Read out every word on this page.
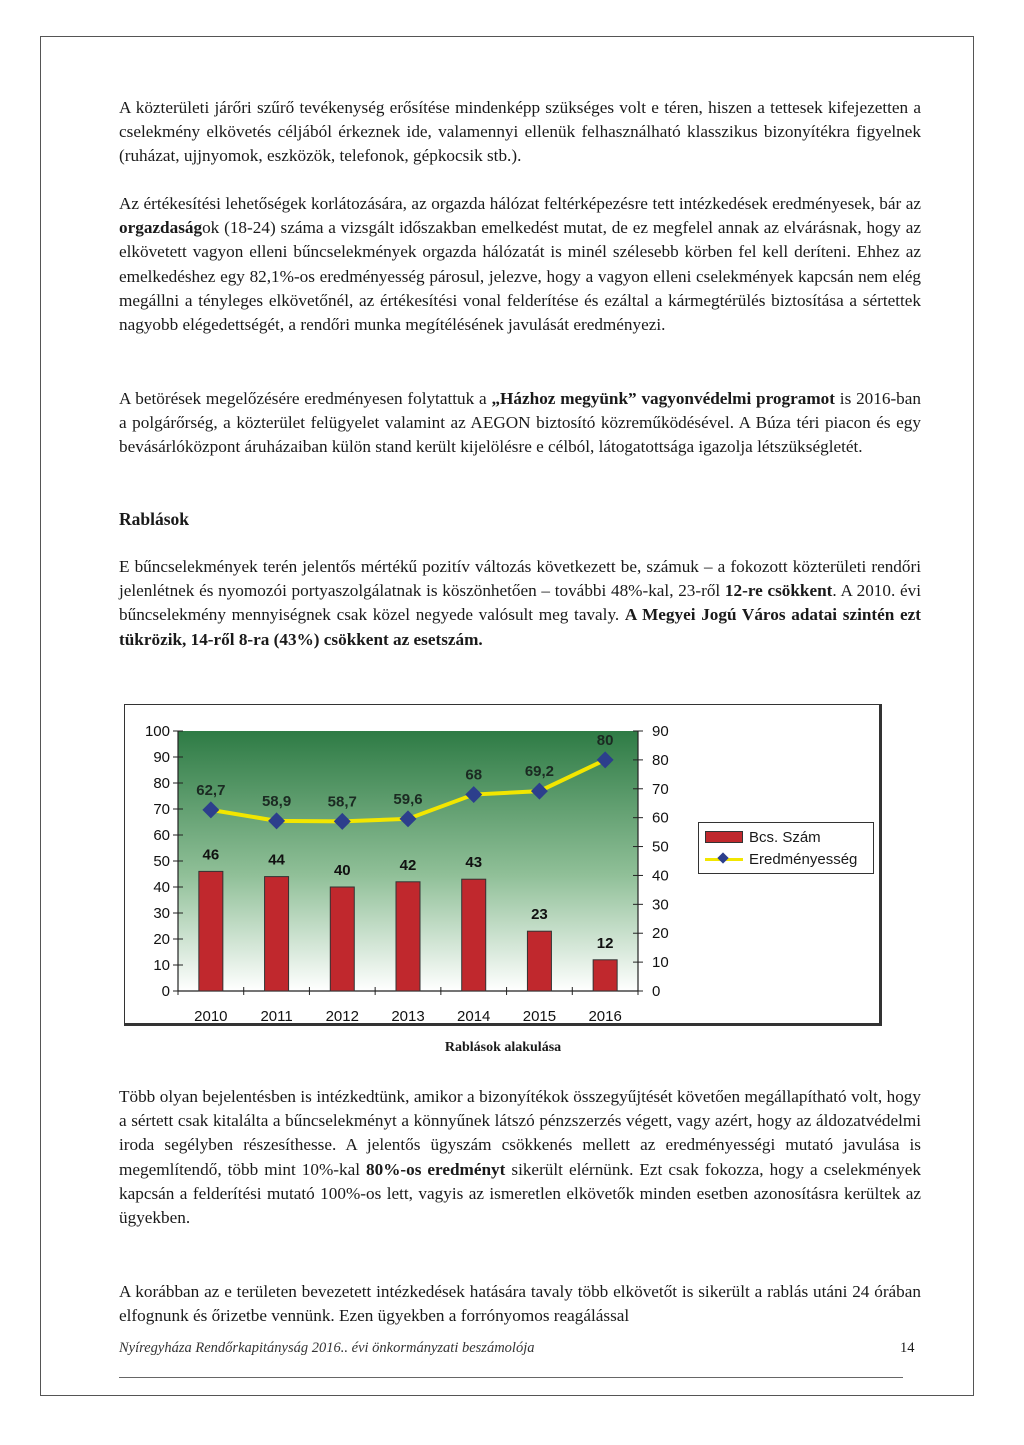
A közterületi járőri szűrő tevékenység erősítése mindenképp szükséges volt e téren, hiszen a tettesek kifejezetten a cselekmény elkövetés céljából érkeznek ide, valamennyi ellenük felhasználható klasszikus bizonyítékra figyelnek (ruházat, ujjnyomok, eszközök, telefonok, gépkocsik stb.).

Az értékesítési lehetőségek korlátozására, az orgazda hálózat feltérképezésre tett intézkedések eredményesek, bár az orgazdaságok (18-24) száma a vizsgált időszakban emelkedést mutat, de ez megfelel annak az elvárásnak, hogy az elkövetett vagyon elleni bűncselekmények orgazda hálózatát is minél szélesebb körben fel kell deríteni. Ehhez az emelkedéshez egy 82,1%-os eredményesség párosul, jelezve, hogy a vagyon elleni cselekmények kapcsán nem elég megállni a tényleges elkövetőnél, az értékesítési vonal felderítése és ezáltal a kármegtérülés biztosítása a sértettek nagyobb elégedettségét, a rendőri munka megítélésének javulását eredményezi.

A betörések megelőzésére eredményesen folytattuk a „Házhoz megyünk” vagyonvédelmi programot is 2016-ban a polgárőrség, a közterület felügyelet valamint az AEGON biztosító közreműködésével. A Búza téri piacon és egy bevásárlóközpont áruházaiban külön stand került kijelölésre e célból, látogatottsága igazolja létszükségletét.

Rablások

E bűncselekmények terén jelentős mértékű pozitív változás következett be, számuk – a fokozott közterületi rendőri jelenlétnek és nyomozói portyaszolgálatnak is köszönhetően – további 48%-kal, 23-ről 12-re csökkent. A 2010. évi bűncselekmény mennyiségnek csak közel negyede valósult meg tavaly. A Megyei Jogú Város adatai szintén ezt tükrözik, 14-ről 8-ra (43%) csökkent az esetszám.

0
10
20
30
40
50
60
70
80
90
100
0
10
20
30
40
50
60
70
80
90
2010 2011 2012 2013 2014 2015 2016
46	44
40	42	43
23
12
62,7
58,9 58,7 59,6
68	69,2
80
Bcs. Szám
Eredményesség

Rablások alakulása

Több olyan bejelentésben is intézkedtünk, amikor a bizonyítékok összegyűjtését követően megállapítható volt, hogy a sértett csak kitalálta a bűncselekményt a könnyűnek látszó pénzszerzés végett, vagy azért, hogy az áldozatvédelmi iroda segélyben részesíthesse. A jelentős ügyszám csökkenés mellett az eredményességi mutató javulása is megemlítendő, több mint 10%-kal 80%-os eredményt sikerült elérnünk. Ezt csak fokozza, hogy a cselekmények kapcsán a felderítési mutató 100%-os lett, vagyis az ismeretlen elkövetők minden esetben azonosításra kerültek az ügyekben.

A korábban az e területen bevezetett intézkedések hatására tavaly több elkövetőt is sikerült a rablás utáni 24 órában elfognunk és őrizetbe vennünk. Ezen ügyekben a forrónyomos reagálással

Nyíregyháza Rendőrkapitányság 2016.. évi önkormányzati beszámolója	14
